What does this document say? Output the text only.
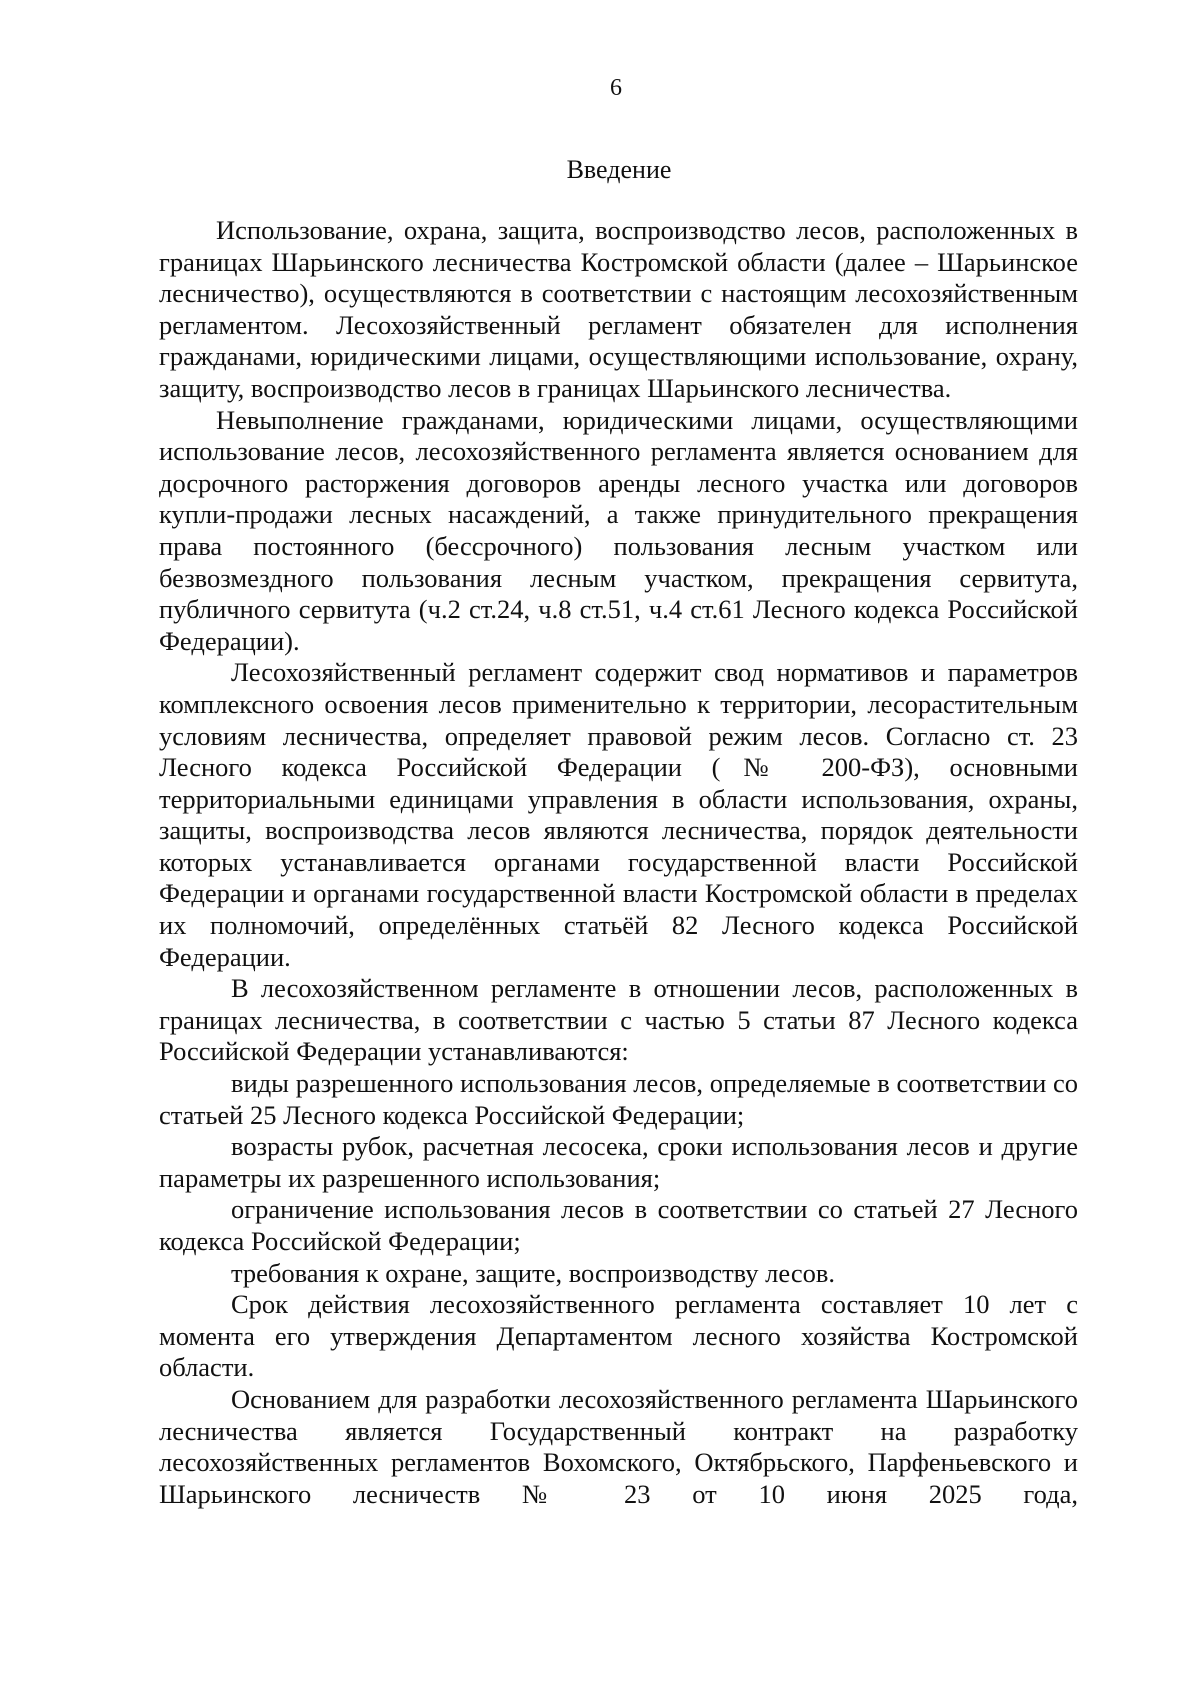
6
Введение

Использование, охрана, защита, воспроизводство лесов, расположенных в границах Шарьинского лесничества Костромской области (далее – Шарьинское лесничество), осуществляются в соответствии с настоящим лесохозяйственным регламентом. Лесохозяйственный регламент обязателен для исполнения гражданами, юридическими лицами, осуществляющими использование, охрану, защиту, воспроизводство лесов в границах Шарьинского лесничества.

Невыполнение гражданами, юридическими лицами, осуществляющими использование лесов, лесохозяйственного регламента является основанием для досрочного расторжения договоров аренды лесного участка или договоров купли-продажи лесных насаждений, а также принудительного прекращения права постоянного (бессрочного) пользования лесным участком или безвозмездного пользования лесным участком, прекращения сервитута, публичного сервитута (ч.2 ст.24, ч.8 ст.51, ч.4 ст.61 Лесного кодекса Российской Федерации).

Лесохозяйственный регламент содержит свод нормативов и параметров комплексного освоения лесов применительно к территории, лесорастительным условиям лесничества, определяет правовой режим лесов. Согласно ст. 23 Лесного кодекса Российской Федерации (№ 200-ФЗ), основными территориальными единицами управления в области использования, охраны, защиты, воспроизводства лесов являются лесничества, порядок деятельности которых устанавливается органами государственной власти Российской Федерации и органами государственной власти Костромской области в пределах их полномочий, определённых статьёй 82 Лесного кодекса Российской Федерации.

В лесохозяйственном регламенте в отношении лесов, расположенных в границах лесничества, в соответствии с частью 5 статьи 87 Лесного кодекса Российской Федерации устанавливаются:

виды разрешенного использования лесов, определяемые в соответствии со статьей 25 Лесного кодекса Российской Федерации;

возрасты рубок, расчетная лесосека, сроки использования лесов и другие параметры их разрешенного использования;

ограничение использования лесов в соответствии со статьей 27 Лесного кодекса Российской Федерации;

требования к охране, защите, воспроизводству лесов.

Срок действия лесохозяйственного регламента составляет 10 лет с момента его утверждения Департаментом лесного хозяйства Костромской области.

Основанием для разработки лесохозяйственного регламента Шарьинского лесничества является Государственный контракт на разработку лесохозяйственных регламентов Вохомского, Октябрьского, Парфеньевского и Шарьинского лесничеств № 23 от 10 июня 2025 года,
